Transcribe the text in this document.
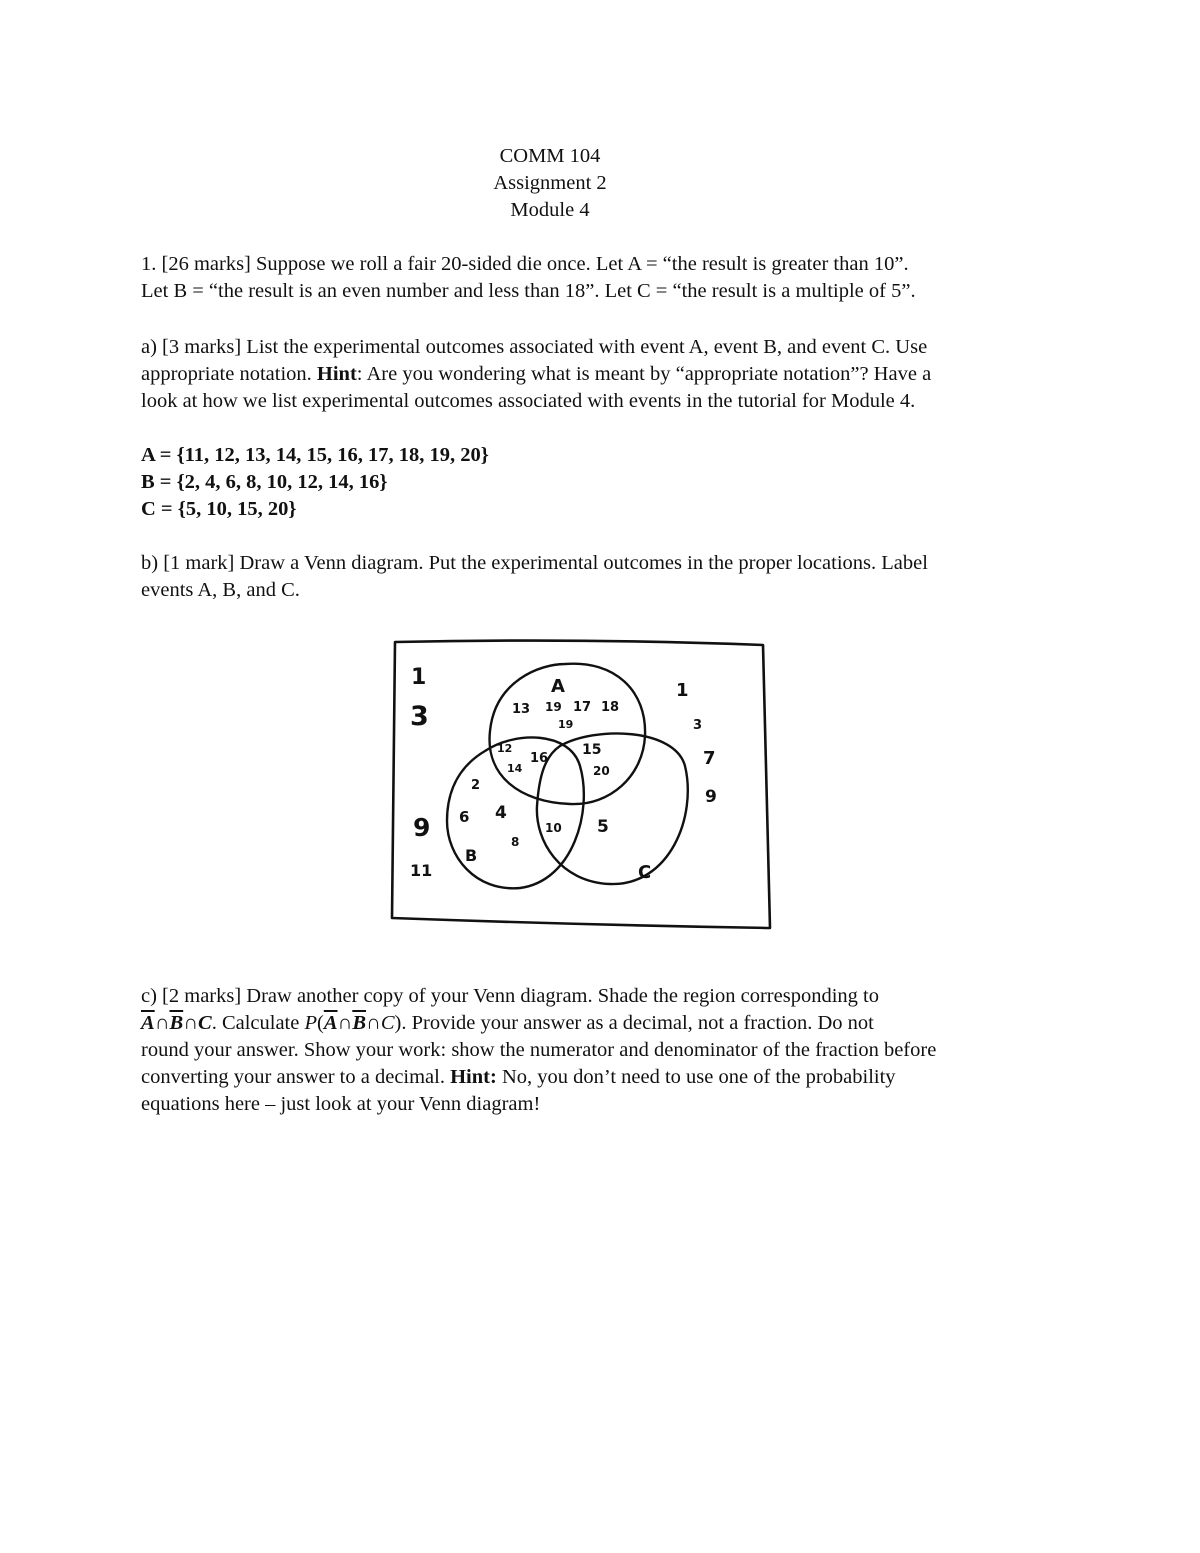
COMM 104
Assignment 2
Module 4

1. [26 marks] Suppose we roll a fair 20-sided die once. Let A = “the result is greater than 10”.

Let B = “the result is an even number and less than 18”. Let C = “the result is a multiple of 5”.

a) [3 marks] List the experimental outcomes associated with event A, event B, and event C. Use

appropriate notation. Hint: Are you wondering what is meant by “appropriate notation”? Have a

look at how we list experimental outcomes associated with events in the tutorial for Module 4.

A = {11, 12, 13, 14, 15, 16, 17, 18, 19, 20}

B = {2, 4, 6, 8, 10, 12, 14, 16}

C = {5, 10, 15, 20}

b) [1 mark] Draw a Venn diagram. Put the experimental outcomes in the proper locations. Label

events A, B, and C.

A
B
C
13 19 17 18
19
12
14
16
15
20
2
6 4
8
10 5
1
3
9
11
1
3
7
9

c) [2 marks] Draw another copy of your Venn diagram. Shade the region corresponding to

$\overline{A}\cap\overline{B}\cap C$. Calculate $P(\overline{A}\cap\overline{B}\cap C)$. Provide your answer as a decimal, not a fraction. Do not

round your answer. Show your work: show the numerator and denominator of the fraction before

converting your answer to a decimal. Hint: No, you don’t need to use one of the probability

equations here – just look at your Venn diagram!
